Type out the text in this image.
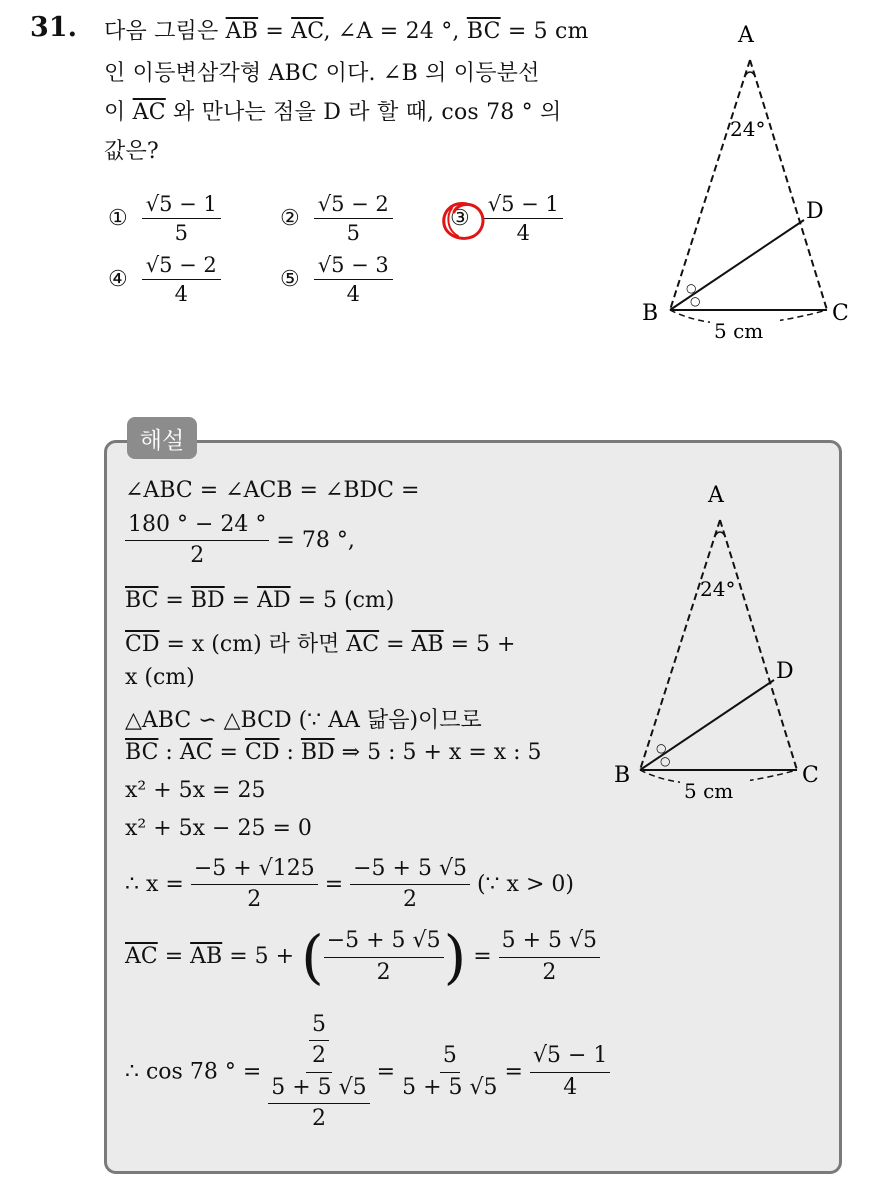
31. 다음 그림은 $\overline{AB} = \overline{AC}$, ∠A = 24 °, $\overline{BC} = 5$ cm
인 이등변삼각형 ABC 이다. ∠B 의 이등분선
이 $\overline{AC}$ 와 만나는 점을 D 라 할 때, cos 78 ° 의
값은?
① $\frac{√5 - 1}{5}$	② $\frac{√5 - 2}{5}$	③ $\frac{√5 - 1}{4}$
④ $\frac{√5 - 2}{4}$	⑤ $\frac{√5 - 3}{4}$	○
○
A
B	C
D
24°
5 cm
해설
○
○
A
B	C
D
24°
5 cm
∠ABC = ∠ACB = ∠BDC =
$\frac{180 ^\circ - 24 ^\circ}{2} = 78$ °,
$\overline{BC} = \overline{BD} = \overline{AD} = 5$ (cm)
$\overline{CD} = x$ (cm) 라 하면 $\overline{AC} = \overline{AB} = 5$ +
x (cm)
△ABC ∽ △BCD (∵ AA 닮음)이므로
$\overline{BC}$ : $\overline{AC} = \overline{CD}$ : $\overline{BD}$ ⇒ 5 : 5 + x = x : 5
x² + 5x = 25
x² + 5x − 25 = 0
∴ $x = \frac{-5 + √125}{2} = \frac{-5 + 5 √5}{2}$ (∵ x > 0)
$\overline{AC} = \overline{AB} = 5$ + ( $\frac{-5 + 5 √5}{2}$ ) = $\frac{5 + 5 √5}{2}$
∴ cos 78 ° = $\frac{\frac{5}{2}}{\frac{5 + 5 √5}{2}} = \frac{5}{5 + 5 √5} = \frac{√5 - 1}{4}$
